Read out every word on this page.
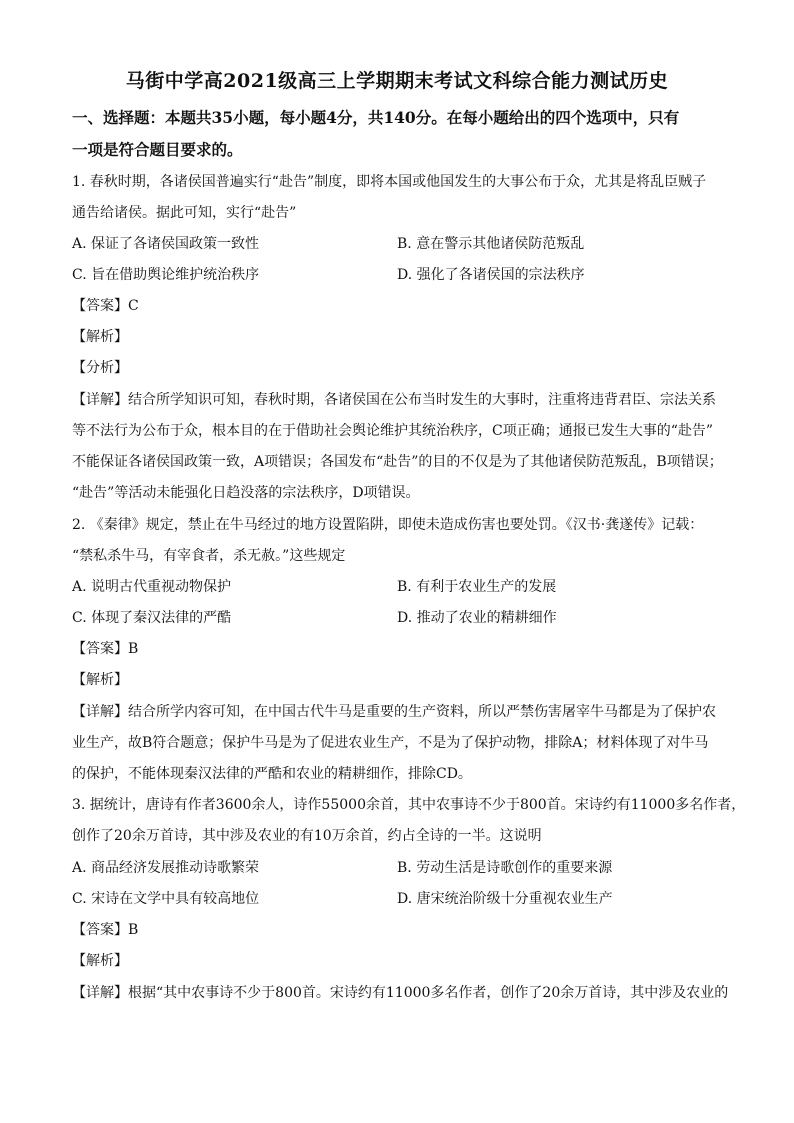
马街中学高2021级高三上学期期末考试文科综合能力测试历史
一、选择题：本题共35小题，每小题4分，共140分。在每小题给出的四个选项中，只有
一项是符合题目要求的。
1. 春秋时期，各诸侯国普遍实行“赴告”制度，即将本国或他国发生的大事公布于众，尤其是将乱臣贼子
通告给诸侯。据此可知，实行“赴告”
A. 保证了各诸侯国政策一致性	B. 意在警示其他诸侯防范叛乱
C. 旨在借助舆论维护统治秩序	D. 强化了各诸侯国的宗法秩序
【答案】C
【解析】
【分析】
【详解】结合所学知识可知，春秋时期，各诸侯国在公布当时发生的大事时，注重将违背君臣、宗法关系
等不法行为公布于众，根本目的在于借助社会舆论维护其统治秩序，C项正确；通报已发生大事的“赴告”
不能保证各诸侯国政策一致，A项错误；各国发布“赴告”的目的不仅是为了其他诸侯防范叛乱，B项错误；
“赴告”等活动未能强化日趋没落的宗法秩序，D项错误。
2. 《秦律》规定，禁止在牛马经过的地方设置陷阱，即使未造成伤害也要处罚。《汉书·龚遂传》记载：
“禁私杀牛马，有宰食者，杀无赦。”这些规定
A. 说明古代重视动物保护	B. 有利于农业生产的发展
C. 体现了秦汉法律的严酷	D. 推动了农业的精耕细作
【答案】B
【解析】
【详解】结合所学内容可知，在中国古代牛马是重要的生产资料，所以严禁伤害屠宰牛马都是为了保护农
业生产，故B符合题意；保护牛马是为了促进农业生产，不是为了保护动物，排除A；材料体现了对牛马
的保护，不能体现秦汉法律的严酷和农业的精耕细作，排除CD。
3. 据统计，唐诗有作者3600余人，诗作55000余首，其中农事诗不少于800首。宋诗约有11000多名作者，
创作了20余万首诗，其中涉及农业的有10万余首，约占全诗的一半。这说明
A. 商品经济发展推动诗歌繁荣	B. 劳动生活是诗歌创作的重要来源
C. 宋诗在文学中具有较高地位	D. 唐宋统治阶级十分重视农业生产
【答案】B
【解析】
【详解】根据“其中农事诗不少于800首。宋诗约有11000多名作者，创作了20余万首诗，其中涉及农业的
